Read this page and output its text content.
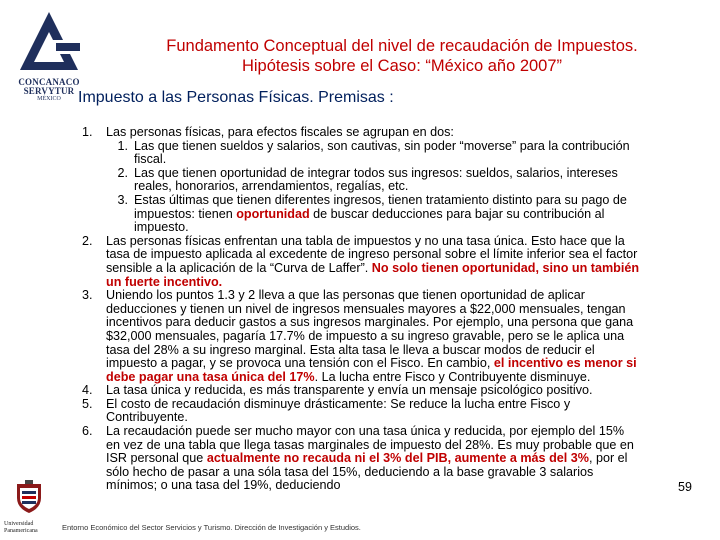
CONCANACO
SERVYTUR
MÉXICO
Fundamento Conceptual del nivel de recaudación de Impuestos.
Hipótesis sobre el Caso: “México año 2007”
Impuesto a las Personas Físicas. Premisas :
1.	Las personas físicas, para efectos fiscales se agrupan en dos:
1. Las que tienen sueldos y salarios, son cautivas, sin poder “moverse” para la contribución fiscal.
2. Las que tienen oportunidad de integrar todos sus ingresos: sueldos, salarios, intereses reales, honorarios, arrendamientos, regalías, etc.
3. Estas últimas que tienen diferentes ingresos, tienen tratamiento distinto para su pago de impuestos: tienen oportunidad de buscar deducciones para bajar su contribución al impuesto.
2.	Las personas físicas enfrentan una tabla de impuestos y no una tasa única. Esto hace que la tasa de impuesto aplicada al excedente de ingreso personal sobre el límite inferior sea el factor sensible a la aplicación de la “Curva de Laffer”. No solo tienen oportunidad, sino un también un fuerte incentivo.
3.	Uniendo los puntos 1.3 y 2 lleva a que las personas que tienen oportunidad de aplicar deducciones y tienen un nivel de ingresos mensuales mayores a $22,000 mensuales, tengan incentivos para deducir gastos a sus ingresos marginales. Por ejemplo, una persona que gana $32,000 mensuales, pagaría 17.7% de impuesto a su ingreso gravable, pero se le aplica una tasa del 28% a su ingreso marginal. Esta alta tasa le lleva a buscar modos de reducir el impuesto a pagar, y se provoca una tensión con el Fisco. En cambio, el incentivo es menor si debe pagar una tasa única del 17%. La lucha entre Fisco y Contribuyente disminuye.
4.	La tasa única y reducida, es más transparente y envía un mensaje psicológico positivo.
5.	El costo de recaudación disminuye drásticamente: Se reduce la lucha entre Fisco y Contribuyente.
6.	La recaudación puede ser mucho mayor con una tasa única y reducida, por ejemplo del 15% en vez de una tabla que llega tasas marginales de impuesto del 28%. Es muy probable que en ISR personal que actualmente no recauda ni el 3% del PIB, aumente a más del 3%, por el sólo hecho de pasar a una sóla tasa del 15%, deduciendo a la base gravable 3 salarios mínimos; o una tasa del 19%, deduciendo	59
Universidad
Panamericana	Entorno Económico del Sector Servicios y Turismo. Dirección de Investigación y Estudios.
